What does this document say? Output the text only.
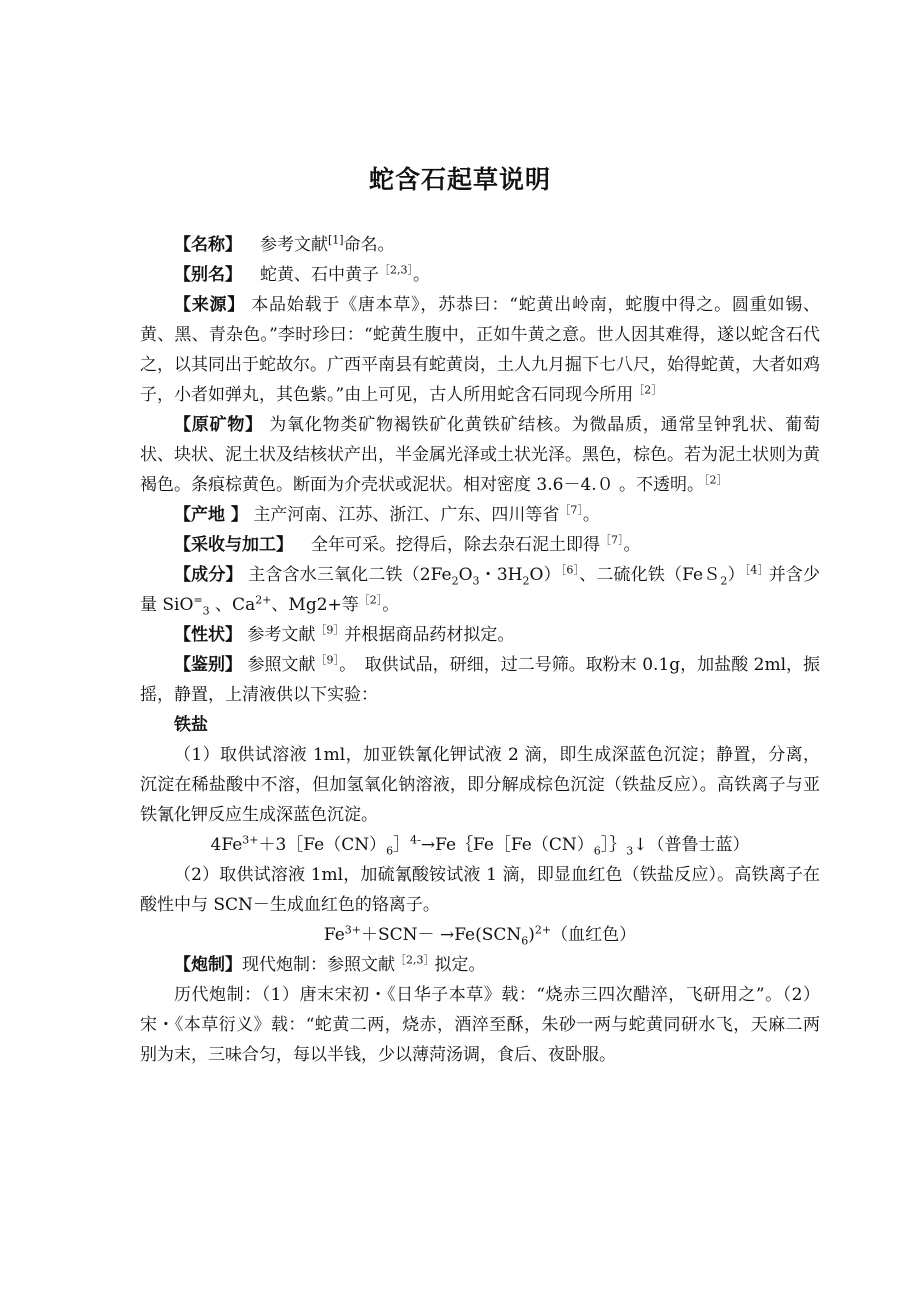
蛇含石起草说明

【名称】 参考文献[1]命名。

【别名】 蛇黄、石中黄子$^{[2,3]}$。

【来源】 本品始载于《唐本草》，苏恭曰：“蛇黄出岭南，蛇腹中得之。圆重如锡、黄、黑、青杂色。”李时珍曰：“蛇黄生腹中，正如牛黄之意。世人因其难得，遂以蛇含石代之，以其同出于蛇故尔。广西平南县有蛇黄岗，土人九月掘下七八尺，始得蛇黄，大者如鸡子，小者如弹丸，其色紫。”由上可见，古人所用蛇含石同现今所用$^{[2]}$

【原矿物】 为氧化物类矿物褐铁矿化黄铁矿结核。为微晶质，通常呈钟乳状、葡萄状、块状、泥土状及结核状产出，半金属光泽或土状光泽。黑色，棕色。若为泥土状则为黄褐色。条痕棕黄色。断面为介壳状或泥状。相对密度 3.6－4.０ 。不透明。$^{[2]}$

【产地 】 主产河南、江苏、浙江、广东、四川等省$^{[7]}$。

【采收与加工】 全年可采。挖得后，除去杂石泥土即得$^{[7]}$。

【成分】 主含含水三氧化二铁（$2Fe_2O_3$・$3H_2O)^{[6]}$、二硫化铁（FeＳ$_2$）$^{[4]}$并含少量 SiO=$_3$ 、$Ca^{2+}$、Mg2+等$^{[2]}$。

【性状】 参考文献$^{[9]}$并根据商品药材拟定。

【鉴别】 参照文献$^{[9]}$。　取供试品，研细，过二号筛。取粉末 0.1g，加盐酸 2ml，振摇，静置，上清液供以下实验：

铁盐

（1）取供试溶液 1ml，加亚铁氰化钾试液 2 滴，即生成深蓝色沉淀；静置，分离，沉淀在稀盐酸中不溶，但加氢氧化钠溶液，即分解成棕色沉淀（铁盐反应）。高铁离子与亚铁氰化钾反应生成深蓝色沉淀。

$4Fe^{3+}+3[Fe(CN)_6]^{4-}\to Fe\{Fe[Fe(CN)_6]\}_3↓$（普鲁士蓝）

（2）取供试溶液 1ml，加硫氰酸铵试液 1 滴，即显血红色（铁盐反应）。高铁离子在酸性中与 SCN－生成血红色的铬离子。

$Fe^{3+}+SCN- \to Fe(SCN_6)^{2+}$（血红色）

【炮制】现代炮制：参照文献$^{[2,3]}$拟定。

历代炮制：（1）唐末宋初・《日华子本草》载：“烧赤三四次醋淬，飞研用之”。（2）宋・《本草衍义》载：“蛇黄二两，烧赤，酒淬至酥，朱砂一两与蛇黄同研水飞，天麻二两别为末，三味合匀，每以半钱，少以薄菏汤调，食后、夜卧服。
